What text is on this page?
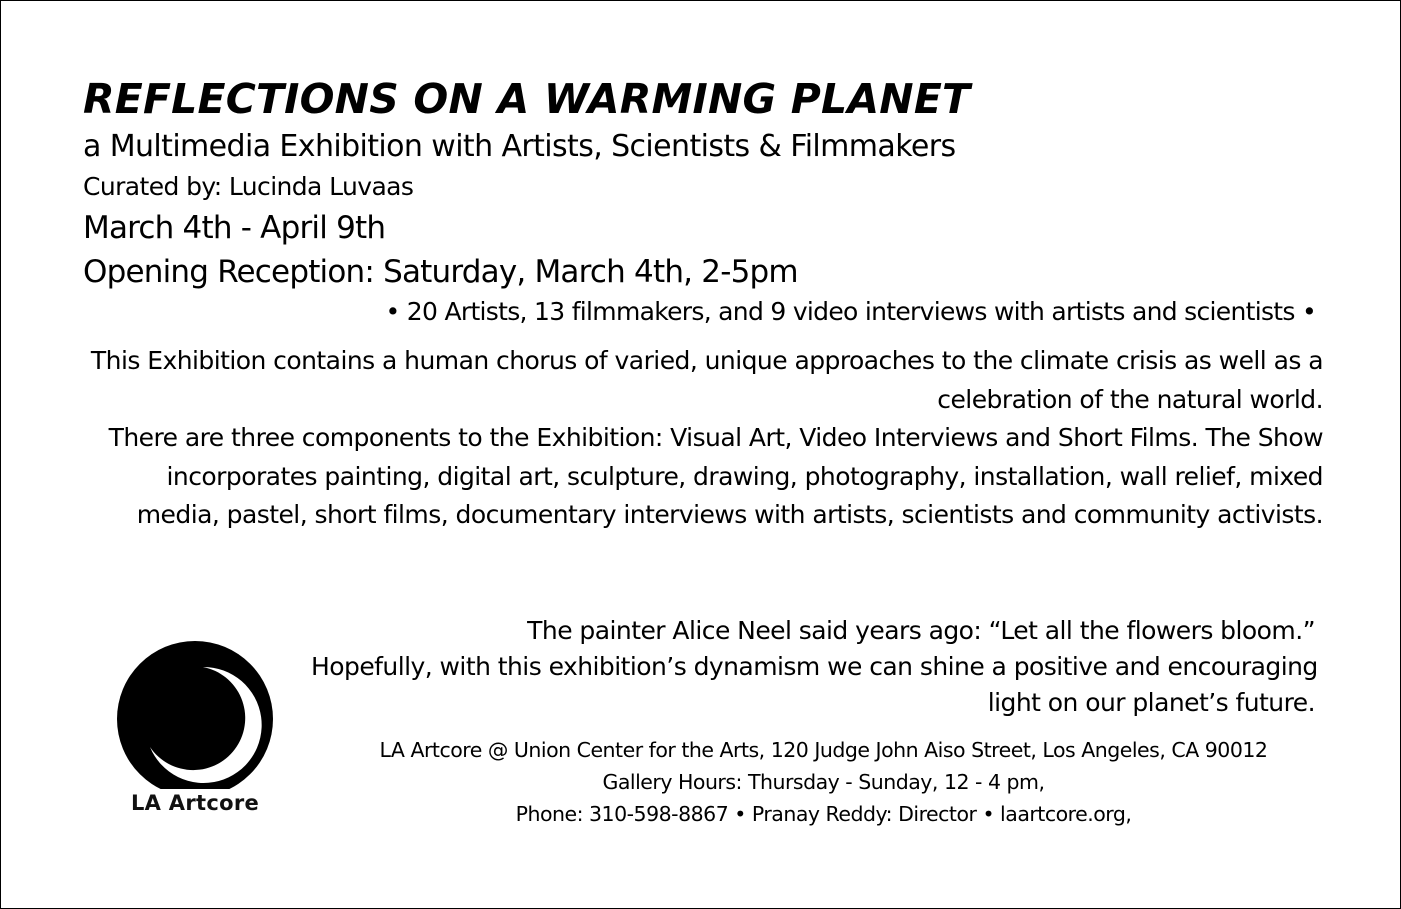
REFLECTIONS ON A WARMING PLANET
a Multimedia Exhibition with Artists, Scientists & Filmmakers
Curated by: Lucinda Luvaas
March 4th - April 9th
Opening Reception: Saturday, March 4th, 2-5pm
• 20 Artists, 13 filmmakers, and 9 video interviews with artists and scientists •
This Exhibition contains a human chorus of varied, unique approaches to the climate crisis as well as a celebration of the natural world.
There are three components to the Exhibition: Visual Art, Video Interviews and Short Films. The Show incorporates painting, digital art, sculpture, drawing, photography, installation, wall relief, mixed media, pastel, short films, documentary interviews with artists, scientists and community activists.
LA Artcore
The painter Alice Neel said years ago: “Let all the flowers bloom.”
Hopefully, with this exhibition’s dynamism we can shine a positive and encouraging
light on our planet’s future.
LA Artcore @ Union Center for the Arts, 120 Judge John Aiso Street, Los Angeles, CA 90012
Gallery Hours: Thursday - Sunday, 12 - 4 pm,
Phone: 310-598-8867 • Pranay Reddy: Director • laartcore.org,
